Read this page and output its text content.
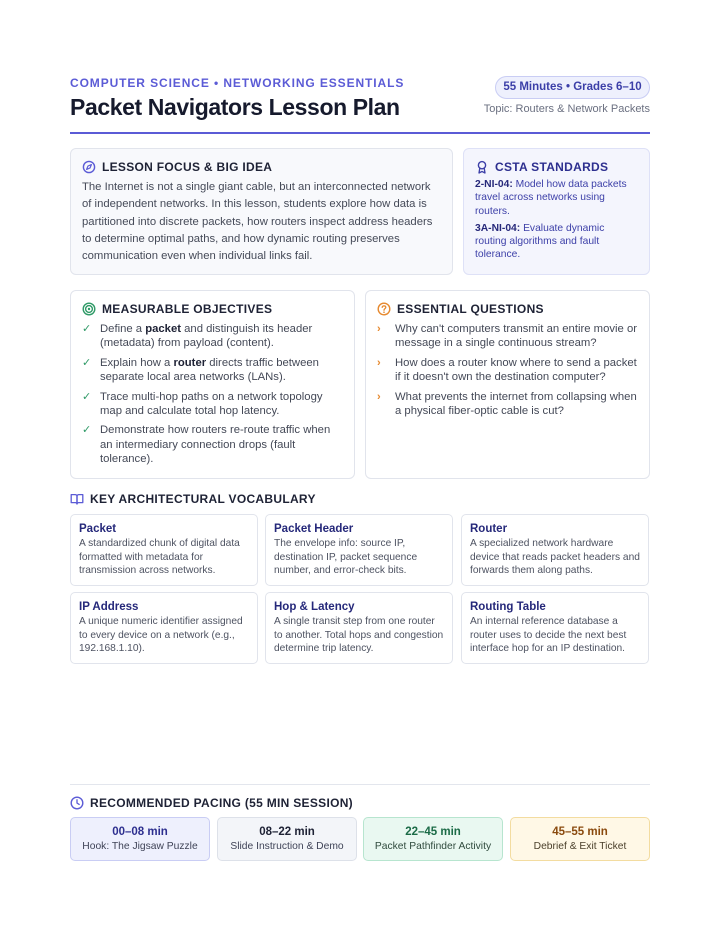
COMPUTER SCIENCE • NETWORKING ESSENTIALS
Packet Navigators Lesson Plan
55 Minutes • Grades 6–10
Topic: Routers & Network Packets
LESSON FOCUS & BIG IDEA

The Internet is not a single giant cable, but an interconnected network of independent networks. In this lesson, students explore how data is partitioned into discrete packets, how routers inspect address headers to determine optimal paths, and how dynamic routing preserves communication even when individual links fail.

CSTA STANDARDS
2-NI-04: Model how data packets travel across networks using routers.
3A-NI-04: Evaluate dynamic routing algorithms and fault tolerance.
MEASURABLE OBJECTIVES
✓ Define a packet and distinguish its header (metadata) from payload (content).
✓ Explain how a router directs traffic between separate local area networks (LANs).
✓ Trace multi-hop paths on a network topology map and calculate total hop latency.
✓ Demonstrate how routers re-route traffic when an intermediary connection drops (fault tolerance).
ESSENTIAL QUESTIONS
›	Why can't computers transmit an entire movie or message in a single continuous stream?
›	How does a router know where to send a packet if it doesn't own the destination computer?
›	What prevents the internet from collapsing when a physical fiber-optic cable is cut?
KEY ARCHITECTURAL VOCABULARY
Packet
A standardized chunk of digital data formatted with metadata for transmission across networks.
Packet Header
The envelope info: source IP, destination IP, packet sequence number, and error-check bits.
Router
A specialized network hardware device that reads packet headers and forwards them along paths.
IP Address
A unique numeric identifier assigned to every device on a network (e.g., 192.168.1.10).
Hop & Latency
A single transit step from one router to another. Total hops and congestion determine trip latency.
Routing Table
An internal reference database a router uses to decide the next best interface hop for an IP destination.
RECOMMENDED PACING (55 MIN SESSION)
00–08 min
Hook: The Jigsaw Puzzle
08–22 min
Slide Instruction & Demo
22–45 min
Packet Pathfinder Activity
45–55 min
Debrief & Exit Ticket
